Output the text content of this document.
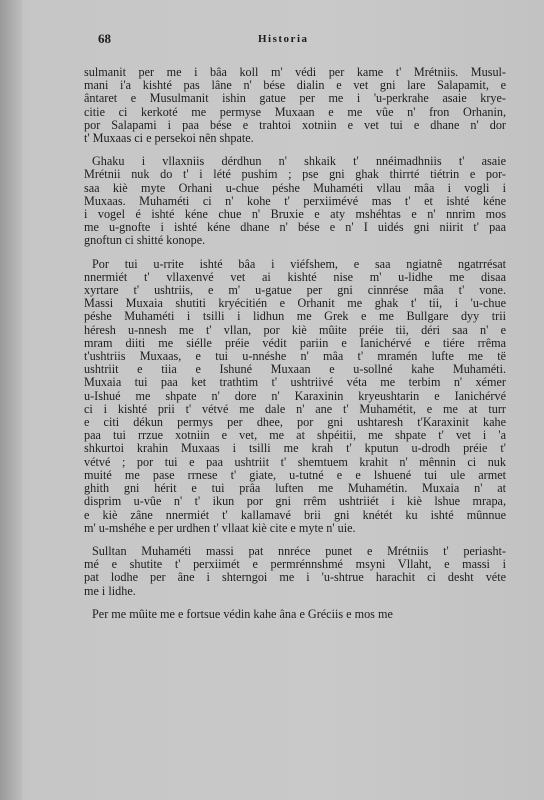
68	Historia

sulmanit per me i bâa koll m' védi per kame t' Mrétniis. Musul-
mani i'a kishté pas lâne n' bése dialin e vet gni lare Salapamit, e
ântaret e Musulmanit ishin gatue per me i 'u-perkrahe asaie krye-
citie ci kerkoté me permyse Muxaan e me vûe n' fron Orhanin,
por Salapami i paa bése e trahtoi xotniin e vet tui e dhane n' dor
t' Muxaas ci e persekoi nên shpate.

Ghaku i vllaxniis dérdhun n' shkaik t' nnéimadhniis t' asaie
Mrétnii nuk do t' i lété pushim ; pse gni ghak thirrté tiétrin e por-
saa kiè myte Orhani u-chue péshe Muhaméti vllau mâa i vogli i
Muxaas. Muhaméti ci n' kohe t' perxiimévé mas t' et ishté kéne
i vogel é ishté kéne chue n' Bruxie e aty mshéhtas e n' nnrim mos
me u-gnofte i ishté kéne dhane n' bése e n' I uidés gni niirit t' paa
gnoftun ci shitté konope.

Por tui u-rrite ishté bâa i viéfshem, e saa ngiatnê ngatrrésat
nnermiét t' vllaxenvé vet ai kishté nise m' u-lidhe me disaa
xyrtare t' ushtriis, e m' u-gatue per gni cinnrése mâa t' vone.
Massi Muxaia shutiti kryécitién e Orhanit me ghak t' tii, i 'u-chue
péshe Muhaméti i tsilli i lidhun me Grek e me Bullgare dyy trii
héresh u-nnesh me t' vllan, por kiè mûite préie tii, déri saa n' e
mram diiti me siélle préie védit pariin e Ianichérvé e tiére rrêma
t'ushtriis Muxaas, e tui u-nnéshe n' mâa t' mramén lufte me të
ushtriit e tiia e Ishuné Muxaan e u-sollné kahe Muhaméti.
Muxaia tui paa ket trathtim t' ushtriivé véta me terbim n' xémer
u-Ishué me shpate n' dore n' Karaxinin kryeushtarin e Ianichérvé
ci i kishté prii t' vétvé me dale n' ane t' Muhamétit, e me at turr
e citi dékun permys per dhee, por gni ushtaresh t'Karaxinit kahe
paa tui rrzue xotniin e vet, me at shpéitii, me shpate t' vet i 'a
shkurtoi krahin Muxaas i tsilli me krah t' kputun u-drodh préie t'
vétvé ; por tui e paa ushtriit t' shemtuem krahit n' mênnin ci nuk
muité me pase rrnese t' giate, u-tutné e e lshuené tui ule armet
ghith gni hérit e tui prâa luften me Muhamétin. Muxaia n' at
disprim u-vûe n' t' ikun por gni rrêm ushtriiét i kiè lshue mrapa,
e kiè zâne nnermiét t' kallamavé brii gni knétét ku ishté mûnnue
m' u-mshéhe e per urdhen t' vllaat kiè cite e myte n' uie.

Sulltan Muhaméti massi pat nnréce punet e Mrétniis t' periasht-
mé e shutite t' perxiimét e permrénnshmé msyni Vllaht, e massi i
pat lodhe per âne i shterngoi me i 'u-shtrue harachit ci desht véte
me i lidhe.

Per me mûite me e fortsue védin kahe âna e Gréciis e mos me
